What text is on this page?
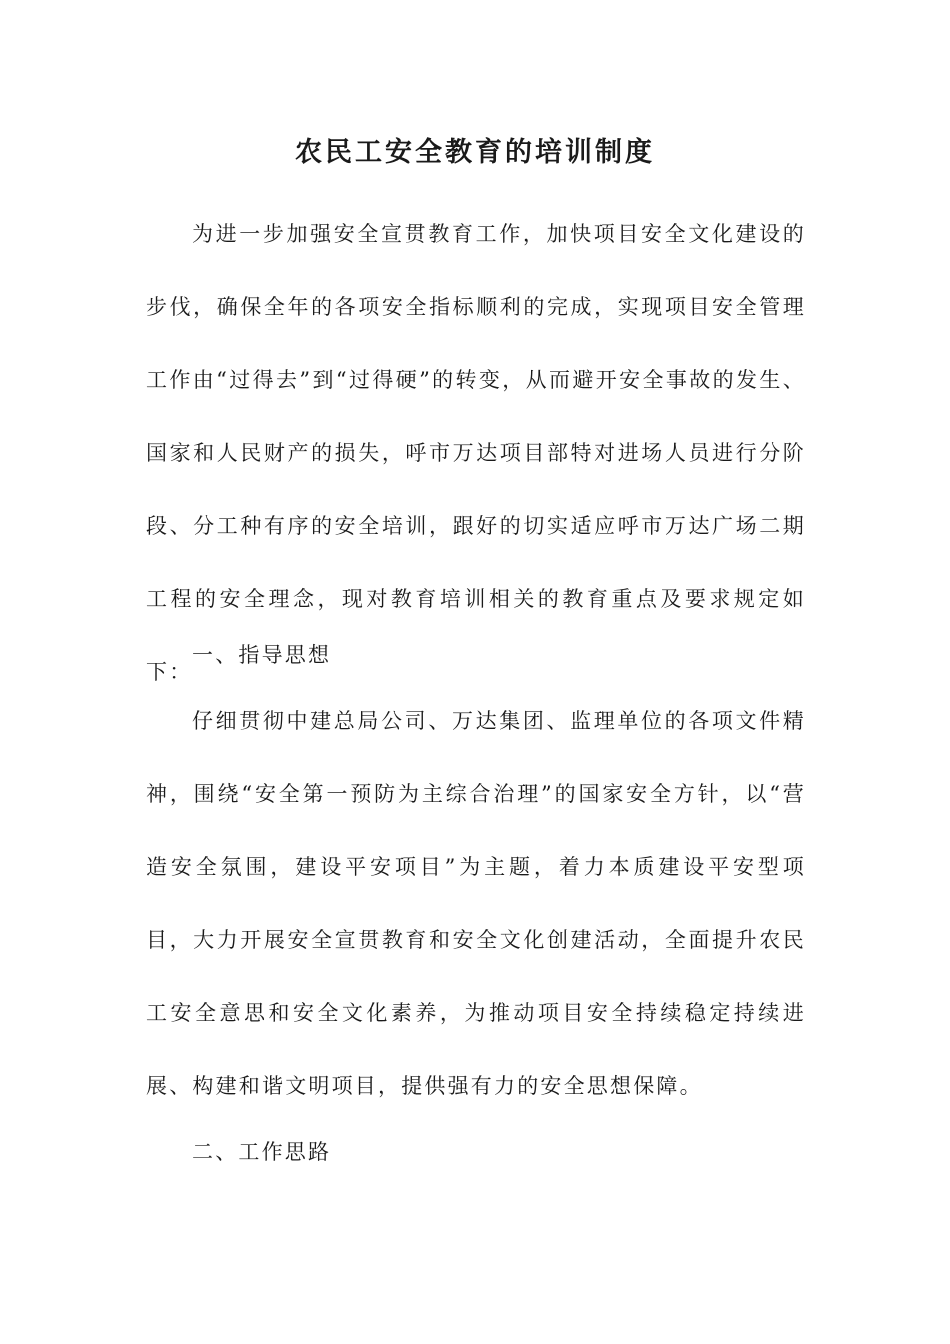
农民工安全教育的培训制度

为进一步加强安全宣贯教育工作，加快项目安全文化建设的步伐，确保全年的各项安全指标顺利的完成，实现项目安全管理工作由“过得去”到“过得硬”的转变，从而避开安全事故的发生、国家和人民财产的损失，呼市万达项目部特对进场人员进行分阶段、分工种有序的安全培训，跟好的切实适应呼市万达广场二期工程的安全理念，现对教育培训相关的教育重点及要求规定如下：

一、指导思想

仔细贯彻中建总局公司、万达集团、监理单位的各项文件精神，围绕“安全第一预防为主综合治理”的国家安全方针，以“营造安全氛围，建设平安项目”为主题，着力本质建设平安型项目，大力开展安全宣贯教育和安全文化创建活动，全面提升农民工安全意思和安全文化素养，为推动项目安全持续稳定持续进展、构建和谐文明项目，提供强有力的安全思想保障。

二、工作思路
